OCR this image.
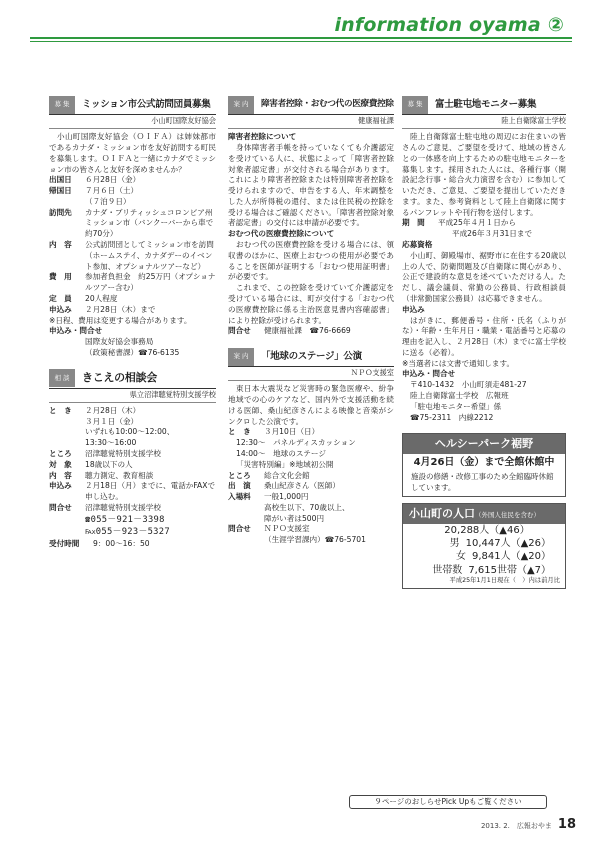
information oyama ②
募 集	ミッション市公式訪問団員募集
小山町国際友好協会
小山町国際友好協会（ＯＩＦＡ）は姉妹都市であるカナダ・ミッション市を友好訪問する町民を募集します。ＯＩＦＡと一緒にカナダでミッション市の皆さんと友好を深めませんか？
出国日	６月28日（金）
帰国日	７月６日（土）
（７泊９日）
訪問先	カナダ・ブリティッシュコロンビア州　ミッション市（バンクーバーから車で約70分）
内　容	公式訪問団としてミッション市を訪問（ホームステイ、カナダデーのイベント参加、オプショナルツアーなど）
費　用	参加者負担金　約25万円（オプショナルツアー含む）
定　員	20人程度
申込み	２月28日（木）まで
※日程、費用は変更する場合があります。
申込み・問合せ
国際友好協会事務局
（政策秘書課）☎76-6135
相 談	きこえの相談会
県立沼津聴覚特別支援学校
と　き	２月28日（木）
３月１日（金）
いずれも10:00～12:00、
13:30～16:00
ところ	沼津聴覚特別支援学校
対　象	18歳以下の人
内　容	聴力測定、教育相談
申込み	２月18日（月）までに、電話かFAXで申し込む。
問合せ	沼津聴覚特別支援学校
☎055－921－3398
℻055－923－5327
受付時間	9：00～16：50
案 内	障害者控除・おむつ代の医療費控除
健康福祉課
障害者控除について
身体障害者手帳を持っていなくても介護認定を受けている人に、状態によって「障害者控除対象者認定書」が交付される場合があります。これにより障害者控除または特別障害者控除を受けられますので、申告をする人、年末調整をした人が所得税の還付、または住民税の控除を受ける場合はご確認ください。「障害者控除対象者認定書」の交付には申請が必要です。
おむつ代の医療費控除について
おむつ代の医療費控除を受ける場合には、領収書のほかに、医療上おむつの使用が必要であることを医師が証明する「おむつ使用証明書」が必要です。
これまで、この控除を受けていて介護認定を受けている場合には、町が交付する「おむつ代の医療費控除に係る主治医意見書内容確認書」により控除が受けられます。
問合せ	健康福祉課　☎76-6669
案 内	「地球のステージ」公演
ＮＰＯ支援室
東日本大震災など災害時の緊急医療や、紛争地域での心のケアなど、国内外で支援活動を続ける医師、桑山紀彦さんによる映像と音楽がシンクロした公演です。
と　き	３月10日（日）
12:30～　パネルディスカッション
14:00～　地球のステージ
「災害特別編」※地域初公開
ところ	総合文化会館
出　演	桑山紀彦さん（医師）
入場料	一般1,000円
高校生以下、70歳以上、
障がい者は500円
問合せ	ＮＰＯ支援室
（生涯学習課内）☎76-5701
募 集	富士駐屯地モニター募集
陸上自衛隊富士学校
陸上自衛隊富士駐屯地の周辺にお住まいの皆さんのご意見、ご要望を受けて、地域の皆さんとの一体感を向上するための駐屯地モニターを募集します。採用された人には、各種行事（開設記念行事・総合火力演習を含む）に参加していただき、ご意見、ご要望を提出していただきます。また、参考資料として陸上自衛隊に関するパンフレットや刊行物を送付します。
期　間	平成25年４月１日から
平成26年３月31日まで
応募資格
小山町、御殿場市、裾野市に在住する20歳以上の人で、防衛問題及び自衛隊に関心があり、公正で建設的な意見を述べていただける人。ただし、議会議員、常勤の公務員、行政相談員（非常勤国家公務員）は応募できません。
申込み
はがきに、郵便番号・住所・氏名（ふりがな）・年齢・生年月日・職業・電話番号と応募の理由を記入し、２月28日（木）までに富士学校に送る（必着）。
※当選者には文書で通知します。
申込み・問合せ
〒410-1432　小山町須走481-27
陸上自衛隊富士学校　広報班
「駐屯地モニター希望」係
☎75-2311　内線2212
ヘルシーパーク裾野
4月26日（金）まで全館休館中
施設の修繕・改修工事のため全館臨時休館しています。
小山町の人口（外国人住民を含む）
20,288人（▲46）
男 10,447人（▲26）
女 9,841人（▲20）
世帯数 7,615世帯（▲7）
平成25年1月1日現在（　）内は前月比
９ページのおしらせPick Upもご覧ください
2013. 2.　広報おやま 18
